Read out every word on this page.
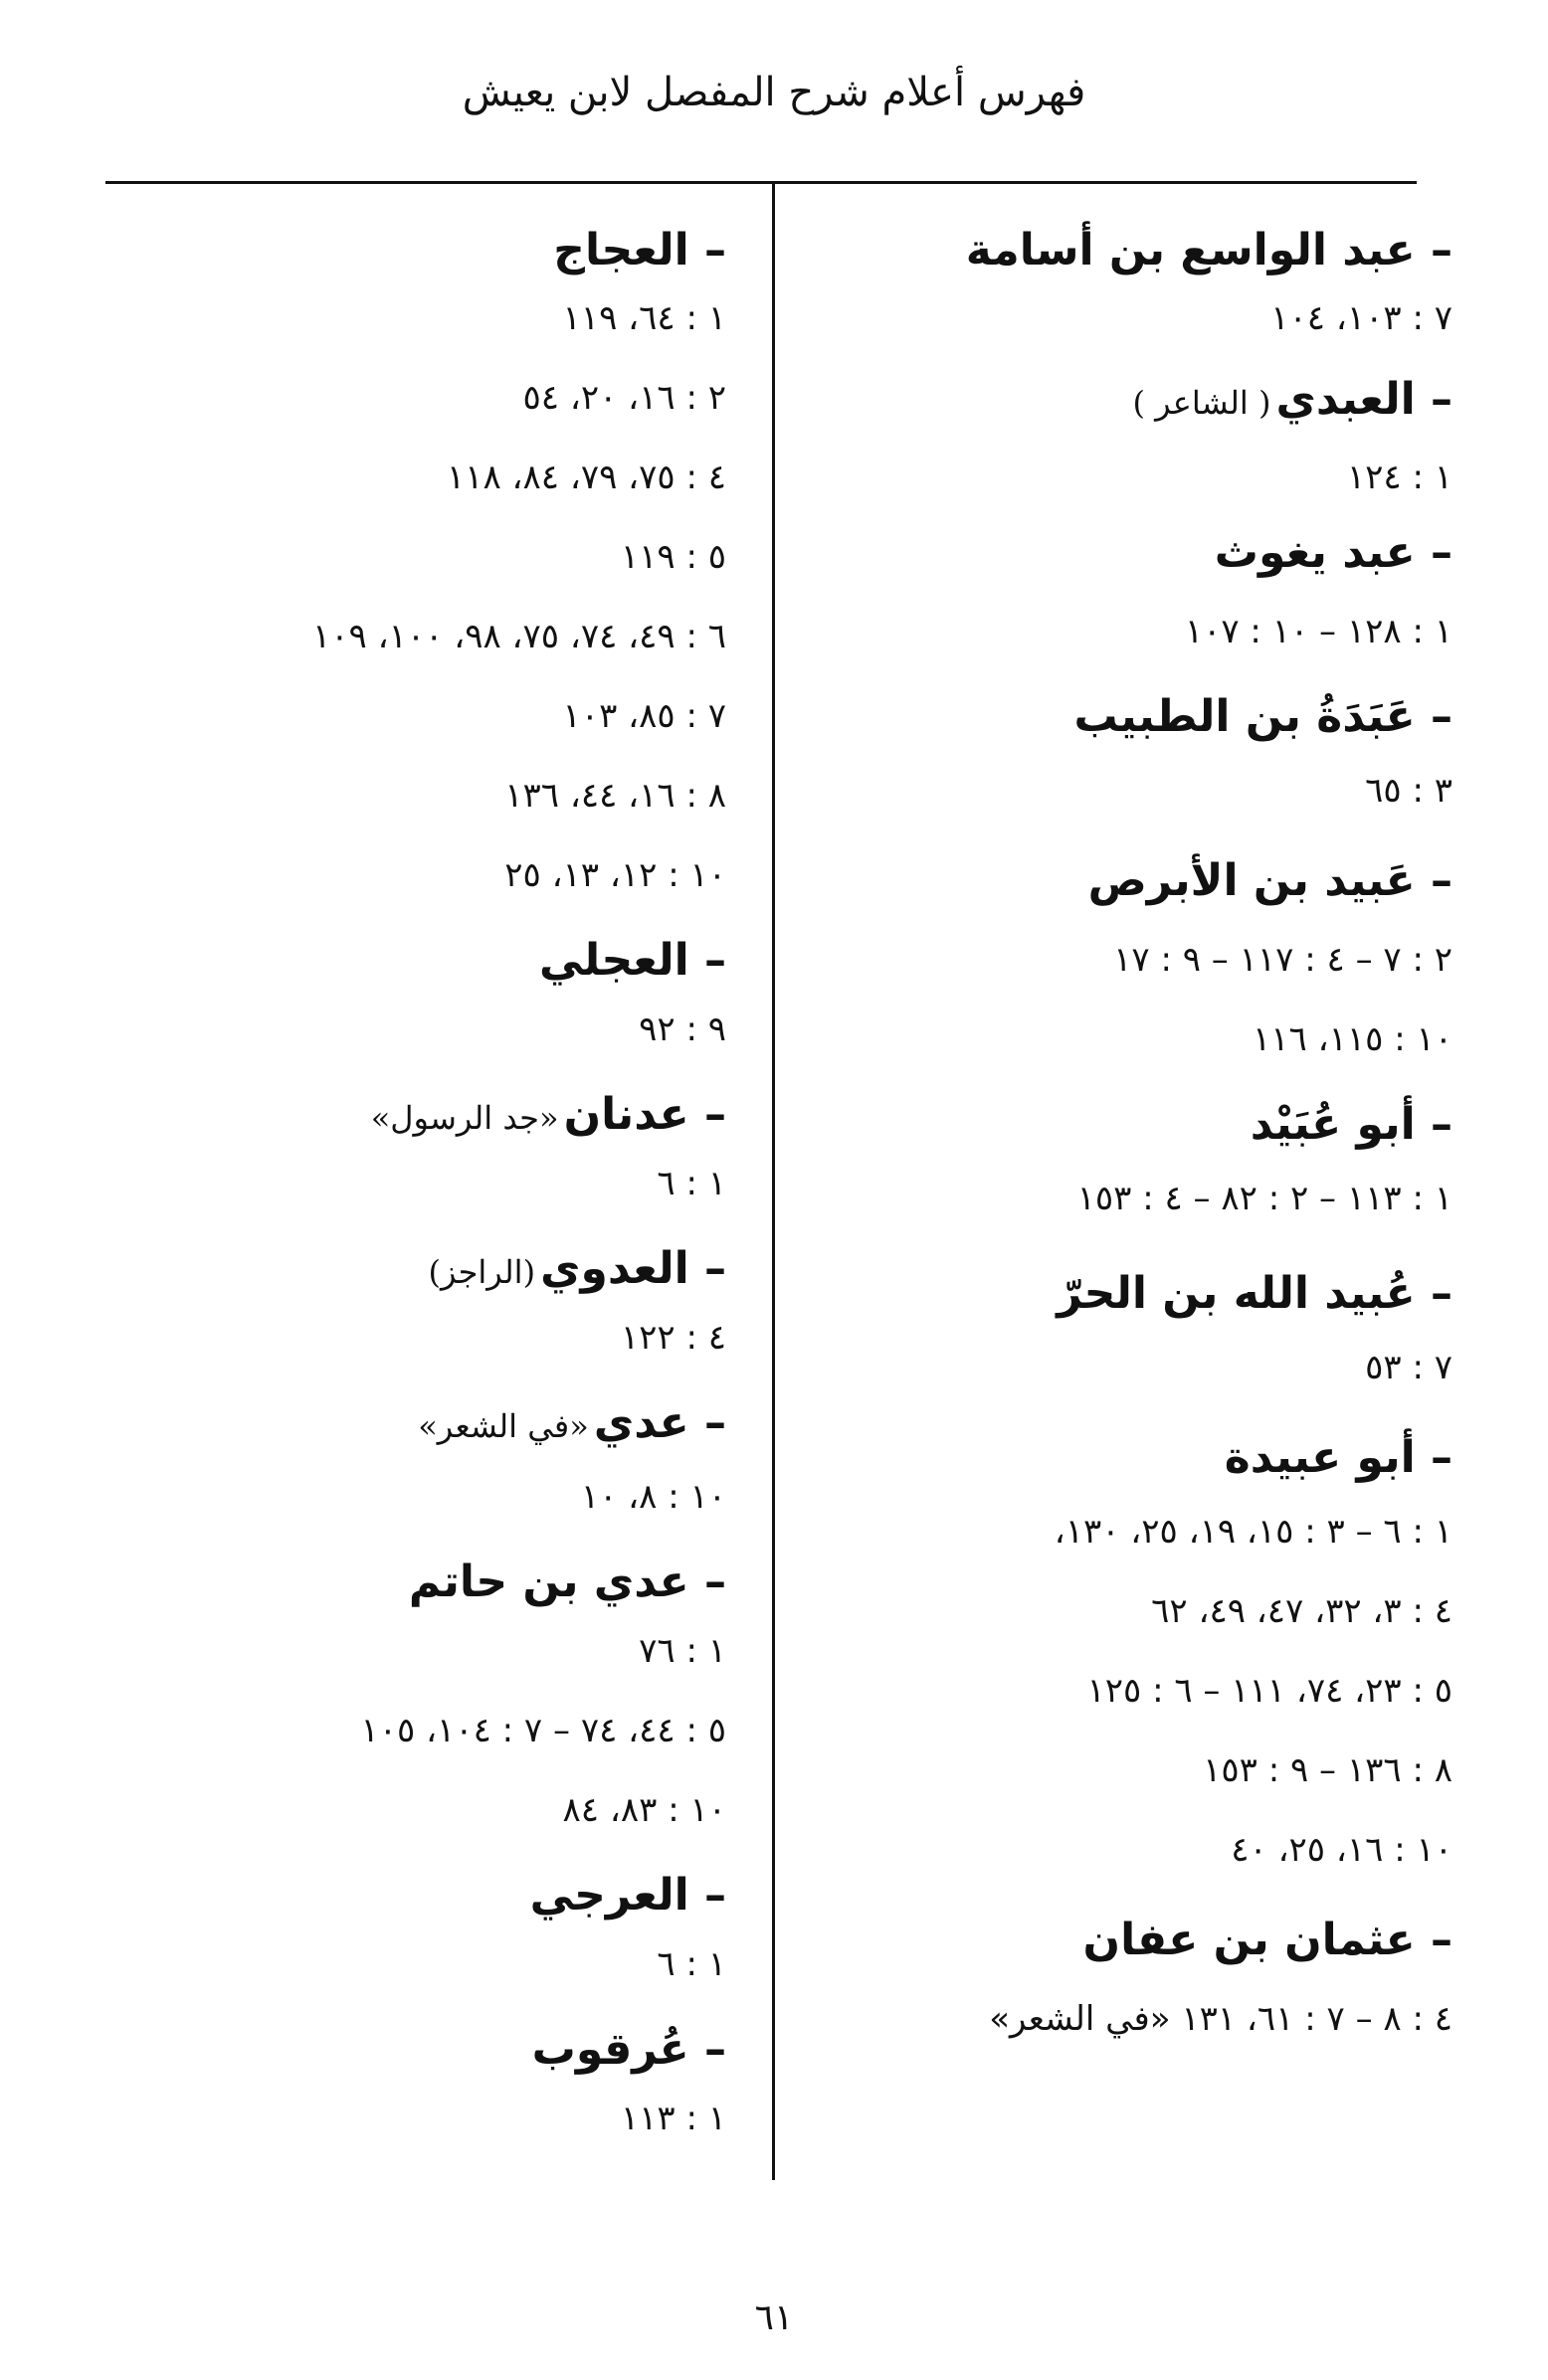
فهرس أعلام شرح المفصل لابن يعيش
– عبد الواسع بن أسامة
٧ : ١٠٣، ١٠٤
– العبدي ( الشاعر )
١ : ١٢٤
– عبد يغوث
١ : ١٢٨ – ١٠ : ١٠٧
– عَبَدَةُ بن الطبيب
٣ : ٦٥
– عَبيد بن الأبرص
٢ : ٧ – ٤ : ١١٧ – ٩ : ١٧
١٠ : ١١٥، ١١٦
– أبو عُبَيْد
١ : ١١٣ – ٢ : ٨٢ – ٤ : ١٥٣
– عُبيد الله بن الحرّ
٧ : ٥٣
– أبو عبيدة
١ : ٦ – ٣ : ١٥، ١٩، ٢٥، ١٣٠،
٤ : ٣، ٣٢، ٤٧، ٤٩، ٦٢
٥ : ٢٣، ٧٤، ١١١ – ٦ : ١٢٥
٨ : ١٣٦ – ٩ : ١٥٣
١٠ : ١٦، ٢٥، ٤٠
– عثمان بن عفان
٤ : ٨ – ٧ : ٦١، ١٣١ «في الشعر»
– العجاج
١ : ٦٤، ١١٩
٢ : ١٦، ٢٠، ٥٤
٤ : ٧٥، ٧٩، ٨٤، ١١٨
٥ : ١١٩
٦ : ٤٩، ٧٤، ٧٥، ٩٨، ١٠٠، ١٠٩
٧ : ٨٥، ١٠٣
٨ : ١٦، ٤٤، ١٣٦
١٠ : ١٢، ١٣، ٢٥
– العجلي
٩ : ٩٢
– عدنان «جد الرسول»
١ : ٦
– العدوي (الراجز)
٤ : ١٢٢
– عدي «في الشعر»
١٠ : ٨، ١٠
– عدي بن حاتم
١ : ٧٦
٥ : ٤٤، ٧٤ – ٧ : ١٠٤، ١٠٥
١٠ : ٨٣، ٨٤
– العرجي
١ : ٦
– عُرقوب
١ : ١١٣
٦١
